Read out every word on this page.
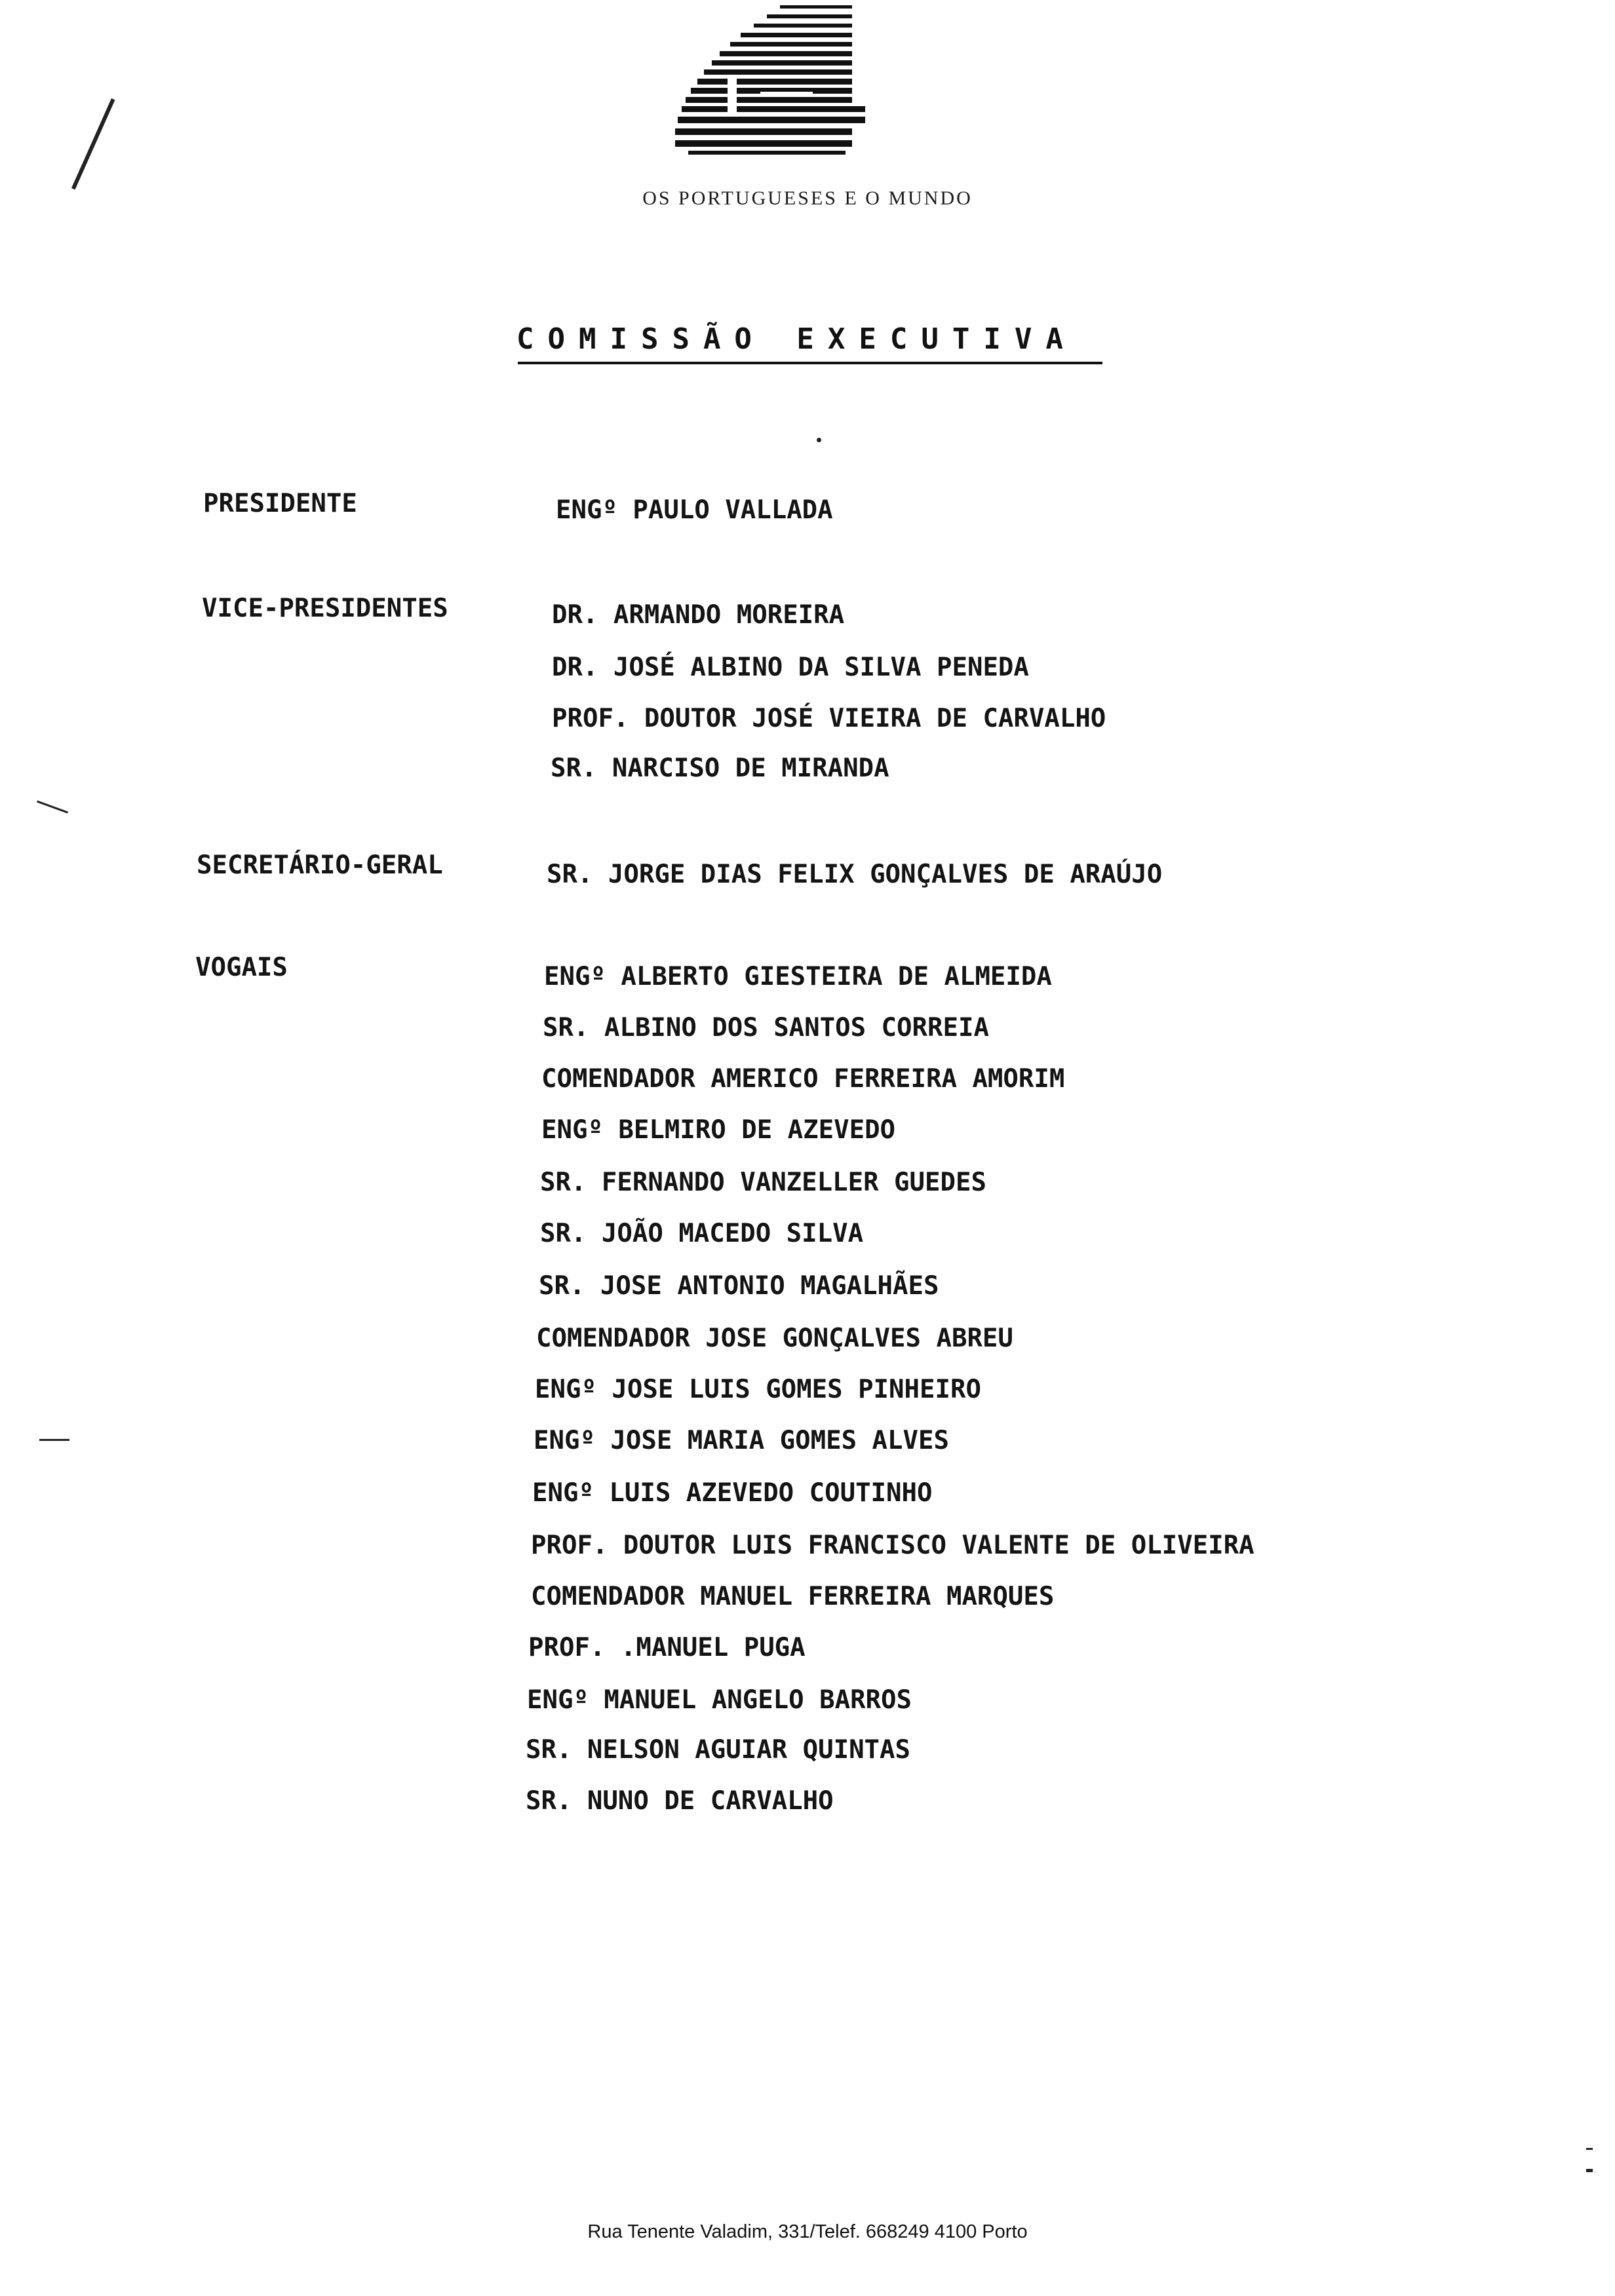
OS PORTUGUESES E O MUNDO
COMISSÃO EXECUTIVA
PRESIDENTE	ENGº PAULO VALLADA
VICE-PRESIDENTES	DR. ARMANDO MOREIRA
DR. JOSÉ ALBINO DA SILVA PENEDA
PROF. DOUTOR JOSÉ VIEIRA DE CARVALHO
SR. NARCISO DE MIRANDA
SECRETÁRIO-GERAL	SR. JORGE DIAS FELIX GONÇALVES DE ARAÚJO
VOGAIS	ENGº ALBERTO GIESTEIRA DE ALMEIDA
SR. ALBINO DOS SANTOS CORREIA
COMENDADOR AMERICO FERREIRA AMORIM
ENGº BELMIRO DE AZEVEDO
SR. FERNANDO VANZELLER GUEDES
SR. JOÃO MACEDO SILVA
SR. JOSE ANTONIO MAGALHÃES
COMENDADOR JOSE GONÇALVES ABREU
ENGº JOSE LUIS GOMES PINHEIRO
ENGº JOSE MARIA GOMES ALVES
ENGº LUIS AZEVEDO COUTINHO
PROF. DOUTOR LUIS FRANCISCO VALENTE DE OLIVEIRA
COMENDADOR MANUEL FERREIRA MARQUES
PROF. .MANUEL PUGA
ENGº MANUEL ANGELO BARROS
SR. NELSON AGUIAR QUINTAS
SR. NUNO DE CARVALHO
Rua Tenente Valadim, 331/Telef. 668249 4100 Porto
